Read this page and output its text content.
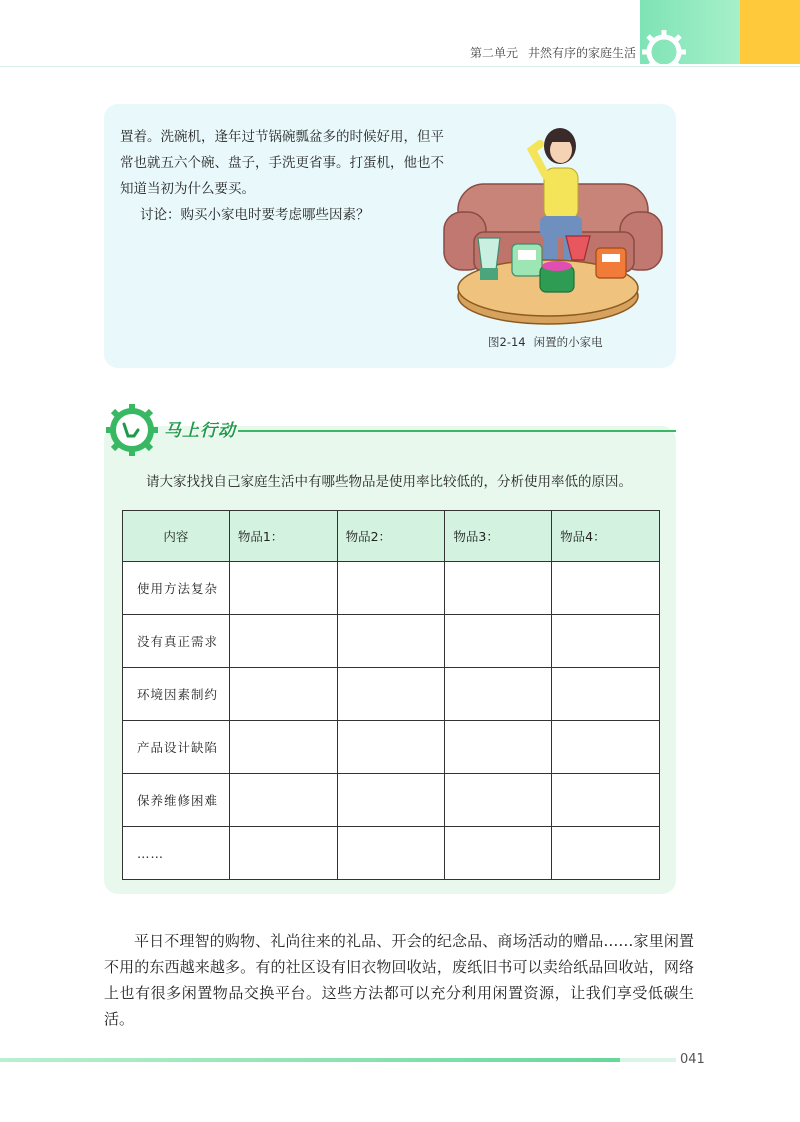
第二单元 井然有序的家庭生活
置着。洗碗机，逢年过节锅碗瓢盆多的时候好用，但平常也就五六个碗、盘子，手洗更省事。打蛋机，他也不知道当初为什么要买。
讨论：购买小家电时要考虑哪些因素？
图2-14 闲置的小家电
马上行动
请大家找找自己家庭生活中有哪些物品是使用率比较低的，分析使用率低的原因。
内容	物品1：	物品2：	物品3：	物品4：
使用方法复杂				
没有真正需求				
环境因素制约				
产品设计缺陷				
保养维修困难				
……				
平日不理智的购物、礼尚往来的礼品、开会的纪念品、商场活动的赠品……家里闲置不用的东西越来越多。有的社区设有旧衣物回收站，废纸旧书可以卖给纸品回收站，网络上也有很多闲置物品交换平台。这些方法都可以充分利用闲置资源，让我们享受低碳生活。
041
